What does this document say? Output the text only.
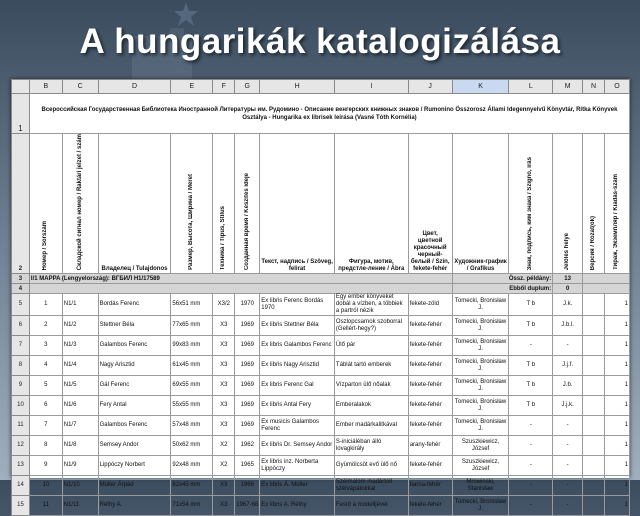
A hungarikák katalogizálása
	B	C	D	E	F	G	H	I	J	K	L	M	N	O
1	Всероссийская Государственная Библиотека Иностранной Литературы им. Рудомино - Описание венгерских книжных знаков / Rumonino Összorosz Állami Idegennyelvű Könyvtár, Ritka Könyvek Osztálya - Hungarika ex librisek leírása (Vasné Tóth Kornélia)													
2	Номер / Sorszám	Складской сигнал номер / Raktári jelzet / szám	Владелец / Tulajdonos	Размер, Высота, Ширина / Méret	Техника / Típus, Stílus	Созданная время / Készítés ideje	Текст, надпись / Szöveg, felirat	Фигура, мотив, предстле-ление / Ábra	Цвет, цветной красочный черный-белый / Szín, fekete-fehér	Художник-график / Grafikus	Знак, подпись, ким знака / Szignó, írás	Jelölés helye	Версия / Rozat(ok)	Тираж, Экземпляр / Kiadás-szám
3	I/1 MAPPA (Lengyelország): ВГБИЛ Н1/17589									Össz. példány:		13		
4										Ebből duplum:		0		
5	1	N1/1	Bordás Ferenc	56x51 mm	X3/2	1970	Ex libris Ferenc Bordás 1970	Egy ember könyveket dobál a vízben, a többiek a partról nézik	fekete-zöld	Tomecki, Bronisław J.	T b	J.k.		1
6	2	N1/2	Stettner Béla	77x65 mm	X3	1969	Ex libris Stettner Béla	Oszlopcsarnok szoborral (Gellért-hegy?)	fekete-fehér	Tomecki, Bronisław J.	T b	J.b.l.		1
7	3	N1/3	Galambos Ferenc	99x83 mm	X3	1969	Ex libris Galambos Ferenc	Ülő pár	fekete-fehér	Tomecki, Bronisław J.	-	-		1
8	4	N1/4	Nagy Arisztid	61x45 mm	X3	1969	Ex libris Nagy Arisztid	Táblát tartó emberek	fekete-fehér	Tomecki, Bronisław J.	T b	J.j.f.		1
9	5	N1/5	Gál Ferenc	69x55 mm	X3	1969	Ex libris Ferenc Gal	Vízparton ülő nőalak	fekete-fehér	Tomecki, Bronisław J.	T b	J.b.		1
10	6	N1/6	Fery Antal	55x55 mm	X3	1969	Ex libris Antal Fery	Emberalakok	fekete-fehér	Tomecki, Bronisław J.	T b	J.j.k.		1
11	7	N1/7	Galambos Ferenc	57x48 mm	X3	1969	Ex musicis Galambos Ferenc	Ember madárkalitkával	fekete-fehér	Tomecki, Bronisław J.	-	-		1
12	8	N1/8	Semsey Andor	50x62 mm	X2	1962	Ex libris Dr. Semsey Andor	S-iniciáléban álló lovagkirály	arany-fehér	Szuszkiewicz, József	-	-		1
13	9	N1/9	Lippóczy Norbert	92x48 mm	X2	1965	Ex libris inz. Norberta Lippóczy	Gyümölcsöt evő ülő nő	fekete-fehér	Szuszkiewicz, József	-	-		1
14	10	N1/10	Müller Árpád	82x45 mm	X3	1966	Ex libris Á. Müller	Szélmalom madártoll szélvápátokkal	barna-fehér	Mrowinski, Stanisław	-	-		1
15	11	N1/11	Réthy A.	71x54 mm	X3	1967-68	Ex libris A. Réthy	Festő a modelljével	fekete-fehér	Tomecki, Bronisław J.	-	-		1
